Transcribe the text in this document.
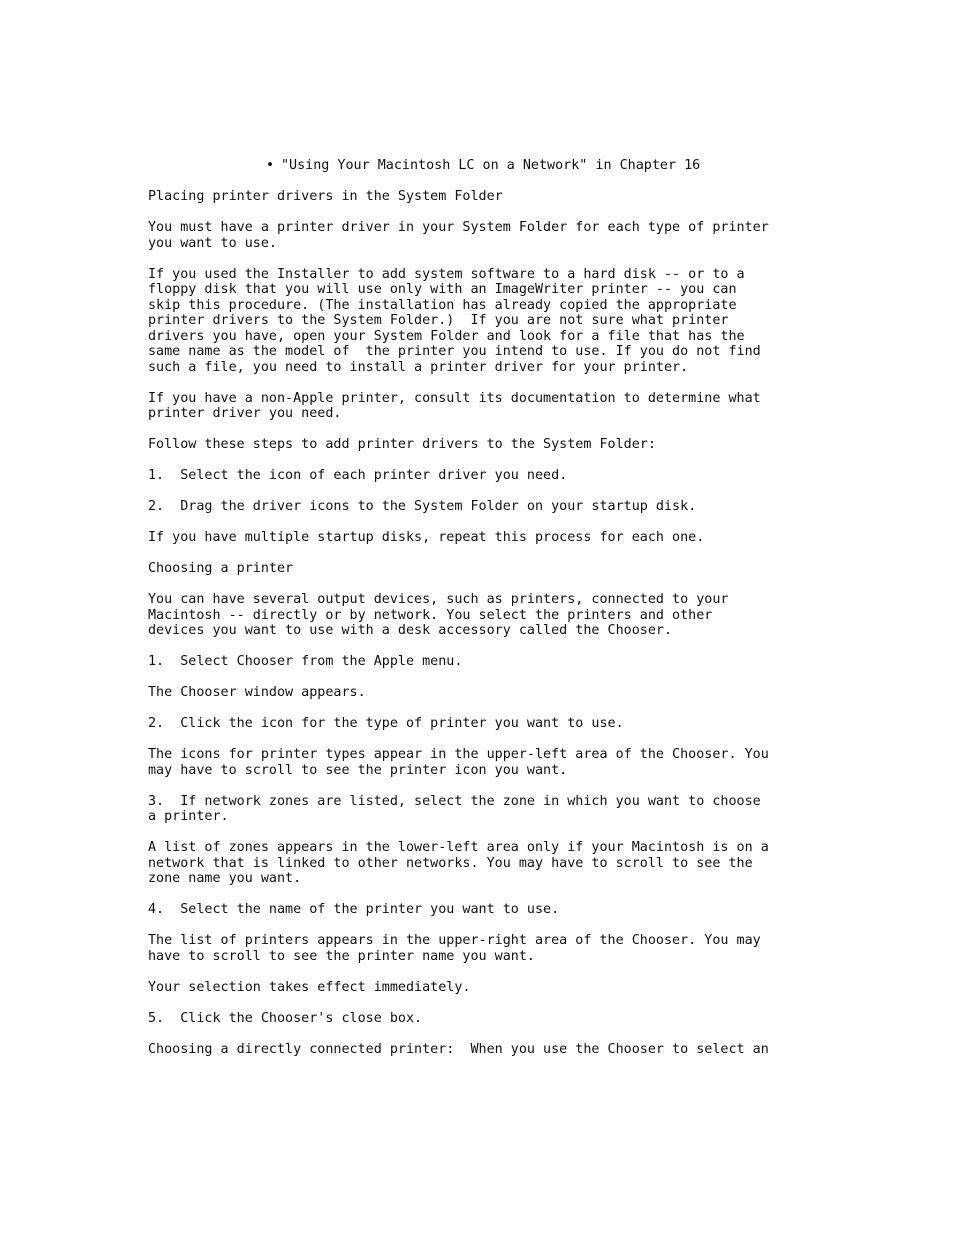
• "Using Your Macintosh LC on a Network" in Chapter 16
Placing printer drivers in the System Folder
You must have a printer driver in your System Folder for each type of printer
you want to use.
If you used the Installer to add system software to a hard disk -- or to a
floppy disk that you will use only with an ImageWriter printer -- you can
skip this procedure. (The installation has already copied the appropriate
printer drivers to the System Folder.)  If you are not sure what printer
drivers you have, open your System Folder and look for a file that has the
same name as the model of  the printer you intend to use. If you do not find
such a file, you need to install a printer driver for your printer.
If you have a non-Apple printer, consult its documentation to determine what
printer driver you need.
Follow these steps to add printer drivers to the System Folder:
1.  Select the icon of each printer driver you need.
2.  Drag the driver icons to the System Folder on your startup disk.
If you have multiple startup disks, repeat this process for each one.
Choosing a printer
You can have several output devices, such as printers, connected to your
Macintosh -- directly or by network. You select the printers and other
devices you want to use with a desk accessory called the Chooser.
1.  Select Chooser from the Apple menu.
The Chooser window appears.
2.  Click the icon for the type of printer you want to use.
The icons for printer types appear in the upper-left area of the Chooser. You
may have to scroll to see the printer icon you want.
3.  If network zones are listed, select the zone in which you want to choose
a printer.
A list of zones appears in the lower-left area only if your Macintosh is on a
network that is linked to other networks. You may have to scroll to see the
zone name you want.
4.  Select the name of the printer you want to use.
The list of printers appears in the upper-right area of the Chooser. You may
have to scroll to see the printer name you want.
Your selection takes effect immediately.
5.  Click the Chooser's close box.
Choosing a directly connected printer:  When you use the Chooser to select an
